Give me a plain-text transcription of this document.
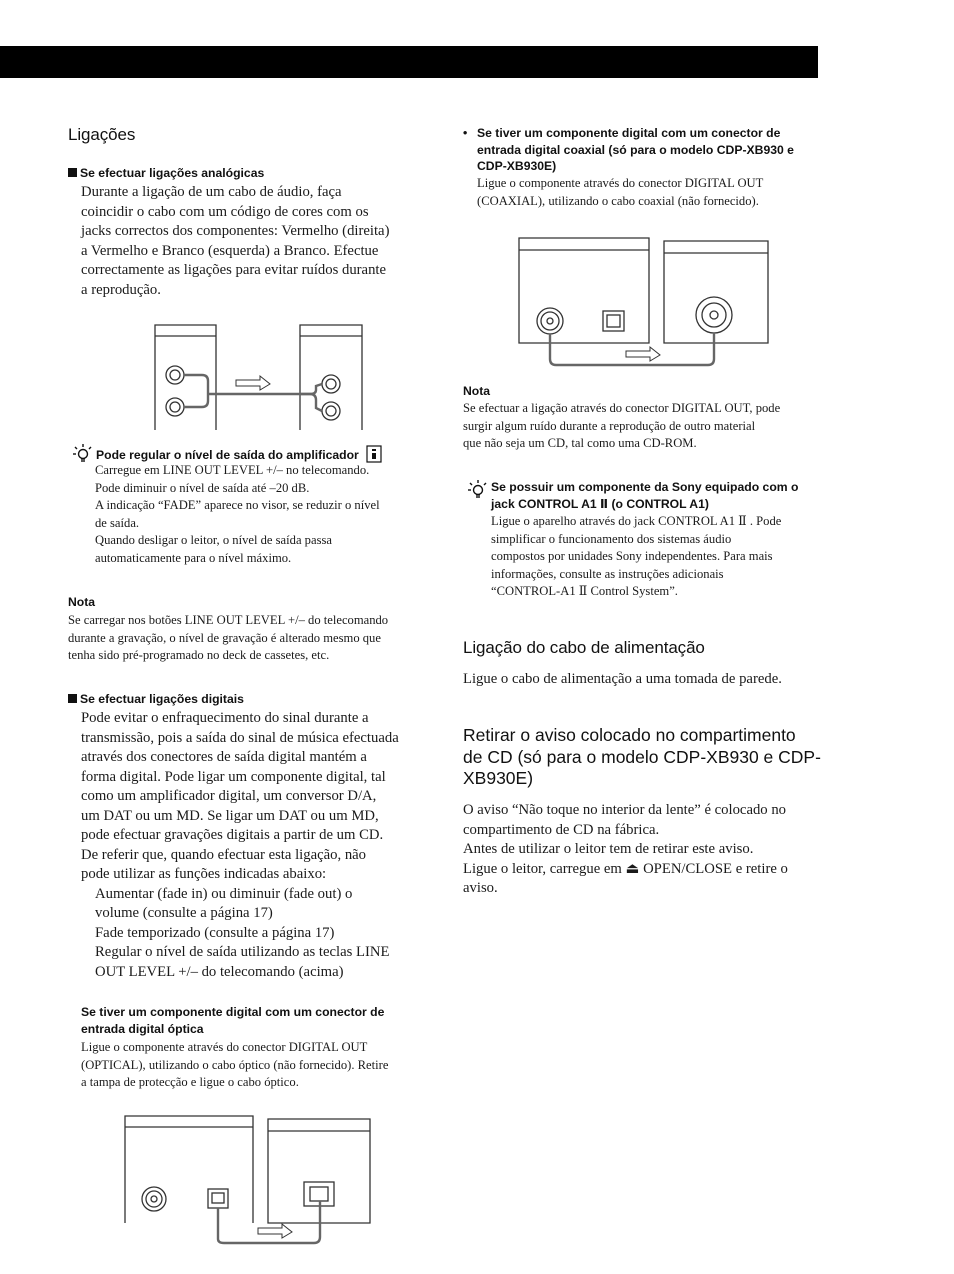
Ligações
Se efectuar ligações analógicas

Durante a ligação de um cabo de áudio, faça

coincidir o cabo com um código de cores com os

jacks correctos dos componentes: Vermelho (direita)

a Vermelho e Branco (esquerda) a Branco. Efectue

correctamente as ligações para evitar ruídos durante

a reprodução.

Pode regular o nível de saída do amplificador

Carregue em LINE OUT LEVEL +/– no telecomando.

Pode diminuir o nível de saída até –20 dB.

A indicação “FADE” aparece no visor, se reduzir o nível

de saída.

Quando desligar o leitor, o nível de saída passa

automaticamente para o nível máximo.

Nota

Se carregar nos botões LINE OUT LEVEL +/– do telecomando

durante a gravação, o nível de gravação é alterado mesmo que

tenha sido pré-programado no deck de cassetes, etc.

Se efectuar ligações digitais

Pode evitar o enfraquecimento do sinal durante a

transmissão, pois a saída do sinal de música efectuada

através dos conectores de saída digital mantém a

forma digital. Pode ligar um componente digital, tal

como um amplificador digital, um conversor D/A,

um DAT ou um MD. Se ligar um DAT ou um MD,

pode efectuar gravações digitais a partir de um CD.

De referir que, quando efectuar esta ligação, não

pode utilizar as funções indicadas abaixo:

Aumentar (fade in) ou diminuir (fade out) o

volume (consulte a página 17)

Fade temporizado (consulte a página 17)

Regular o nível de saída utilizando as teclas LINE

OUT LEVEL +/– do telecomando (acima)

Se tiver um componente digital com um conector de

entrada digital óptica

Ligue o componente através do conector DIGITAL OUT

(OPTICAL), utilizando o cabo óptico (não fornecido). Retire

a tampa de protecção e ligue o cabo óptico.

• Se tiver um componente digital com um conector de

entrada digital coaxial (só para o modelo CDP-XB930 e

CDP-XB930E)

Ligue o componente através do conector DIGITAL OUT

(COAXIAL), utilizando o cabo coaxial (não fornecido).

Nota

Se efectuar a ligação através do conector DIGITAL OUT, pode

surgir algum ruído durante a reprodução de outro material

que não seja um CD, tal como uma CD-ROM.

Se possuir um componente da Sony equipado com o

jack CONTROL A1 Ⅱ (o CONTROL A1)

Ligue o aparelho através do jack CONTROL A1 Ⅱ . Pode

simplificar o funcionamento dos sistemas áudio

compostos por unidades Sony independentes. Para mais

informações, consulte as instruções adicionais

“CONTROL-A1 Ⅱ Control System”.

Ligação do cabo de alimentação
Ligue o cabo de alimentação a uma tomada de parede.

Retirar o aviso colocado no compartimento

de CD (só para o modelo CDP-XB930 e CDP-

XB930E)

O aviso “Não toque no interior da lente” é colocado no

compartimento de CD na fábrica.

Antes de utilizar o leitor tem de retirar este aviso.

Ligue o leitor, carregue em ⏏ OPEN/CLOSE e retire o

aviso.
